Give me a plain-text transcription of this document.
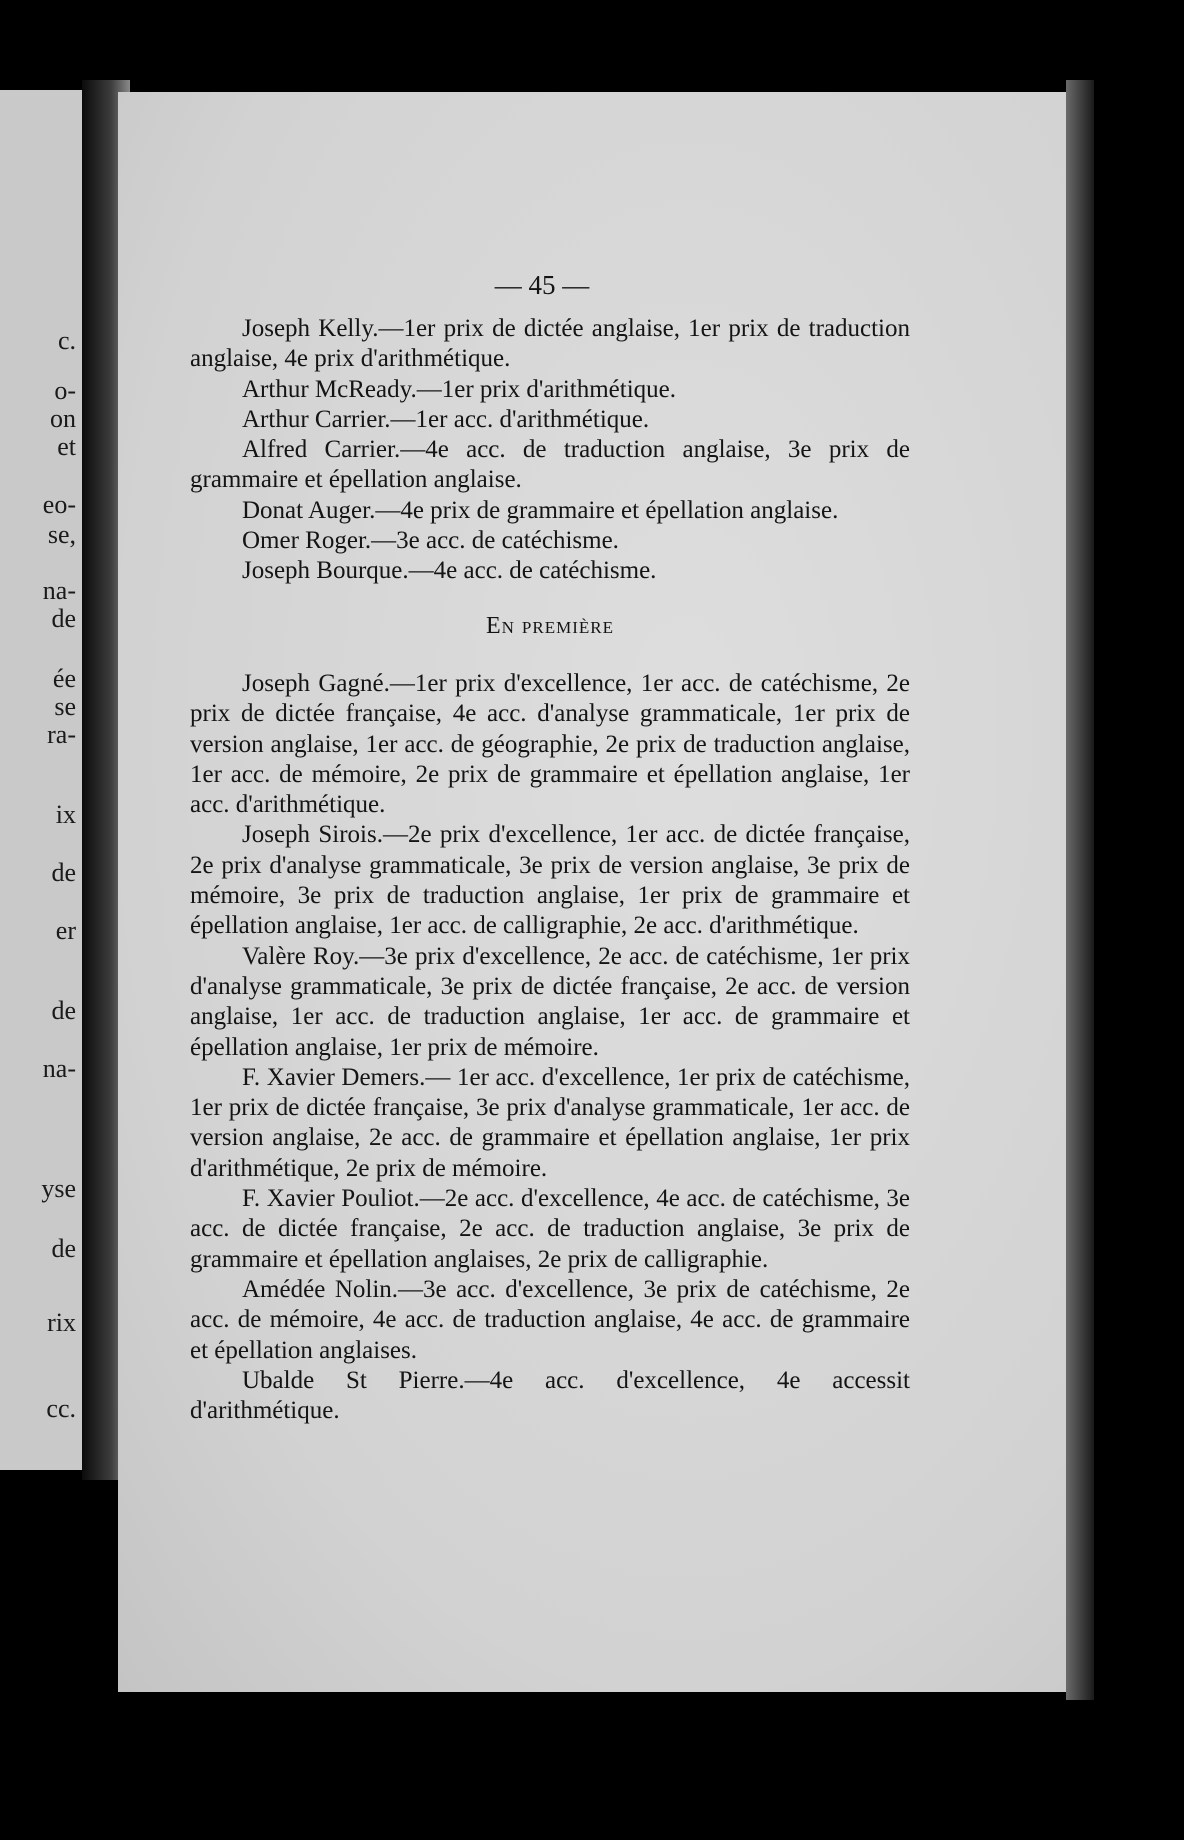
c.
o-
on
et
eo-
se,
na-
de
ée
se
ra-
ix
de
er
de
na-
yse
de
rix
cc.
— 45 —

Joseph Kelly.—1er prix de dictée anglaise, 1er prix de traduction anglaise, 4e prix d'arithmétique.

Arthur McReady.—1er prix d'arithmétique.

Arthur Carrier.—1er acc. d'arithmétique.

Alfred Carrier.—4e acc. de traduction anglaise, 3e prix de grammaire et épellation anglaise.

Donat Auger.—4e prix de grammaire et épellation anglaise.

Omer Roger.—3e acc. de catéchisme.

Joseph Bourque.—4e acc. de catéchisme.

En première

Joseph Gagné.—1er prix d'excellence, 1er acc. de catéchisme, 2e prix de dictée française, 4e acc. d'analyse grammaticale, 1er prix de version anglaise, 1er acc. de géographie, 2e prix de traduction anglaise, 1er acc. de mémoire, 2e prix de grammaire et épellation anglaise, 1er acc. d'arithmétique.

Joseph Sirois.—2e prix d'excellence, 1er acc. de dictée française, 2e prix d'analyse grammaticale, 3e prix de version anglaise, 3e prix de mémoire, 3e prix de traduction anglaise, 1er prix de grammaire et épellation anglaise, 1er acc. de calligraphie, 2e acc. d'arithmétique.

Valère Roy.—3e prix d'excellence, 2e acc. de catéchisme, 1er prix d'analyse grammaticale, 3e prix de dictée française, 2e acc. de version anglaise, 1er acc. de traduction anglaise, 1er acc. de grammaire et épellation anglaise, 1er prix de mémoire.

F. Xavier Demers.— 1er acc. d'excellence, 1er prix de catéchisme, 1er prix de dictée française, 3e prix d'analyse grammaticale, 1er acc. de version anglaise, 2e acc. de grammaire et épellation anglaise, 1er prix d'arithmétique, 2e prix de mémoire.

F. Xavier Pouliot.—2e acc. d'excellence, 4e acc. de catéchisme, 3e acc. de dictée française, 2e acc. de traduction anglaise, 3e prix de grammaire et épellation anglaises, 2e prix de calligraphie.

Amédée Nolin.—3e acc. d'excellence, 3e prix de catéchisme, 2e acc. de mémoire, 4e acc. de traduction anglaise, 4e acc. de grammaire et épellation anglaises.

Ubalde St Pierre.—4e acc. d'excellence, 4e accessit d'arithmétique.
